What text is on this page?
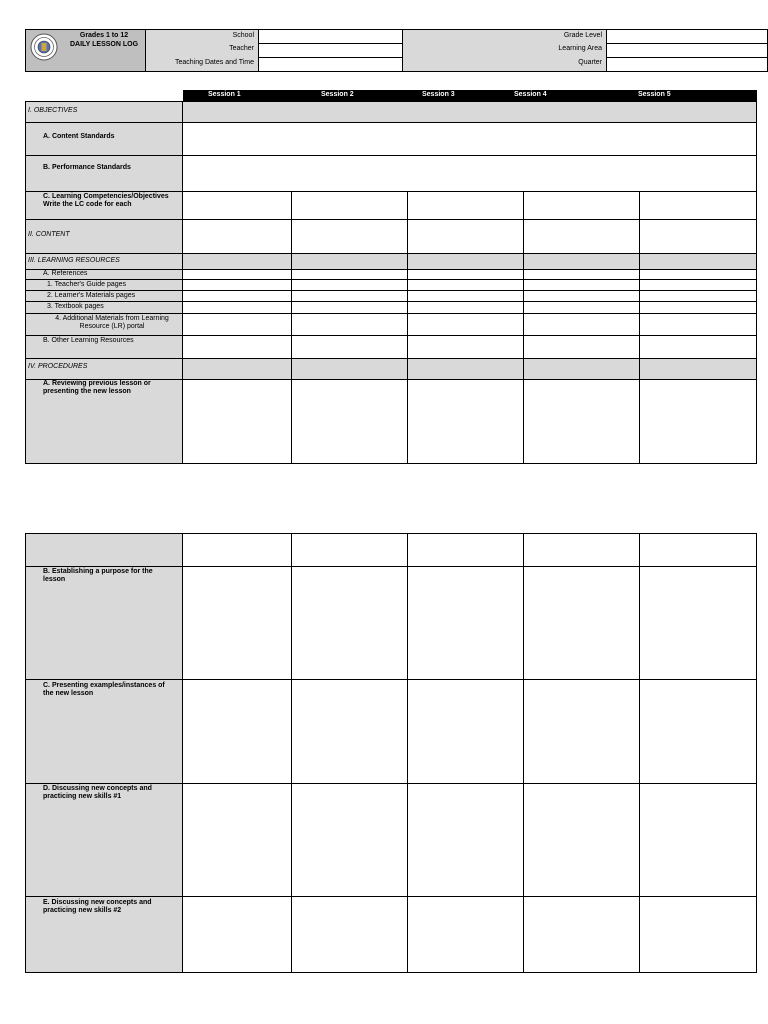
Grades 1 to 12
DAILY LESSON LOG
School
Teacher
Teaching Dates and Time
Grade Level
Learning Area
Quarter
Session 1	Session 2	Session 3	Session 4	Session 5
I. OBJECTIVES
A. Content Standards
B. Performance Standards
C. Learning Competencies/Objectives Write the LC code for each
II. CONTENT
III. LEARNING RESOURCES
A. References
1. Teacher's Guide pages
2. Learner's Materials pages
3. Textbook pages
4. Additional Materials from Learning Resource (LR) portal
B. Other Learning Resources
IV. PROCEDURES
A. Reviewing previous lesson or presenting the new lesson
B. Establishing a purpose for the lesson
C. Presenting examples/instances of the new lesson
D. Discussing new concepts and practicing new skills #1
E. Discussing new concepts and practicing new skills #2
